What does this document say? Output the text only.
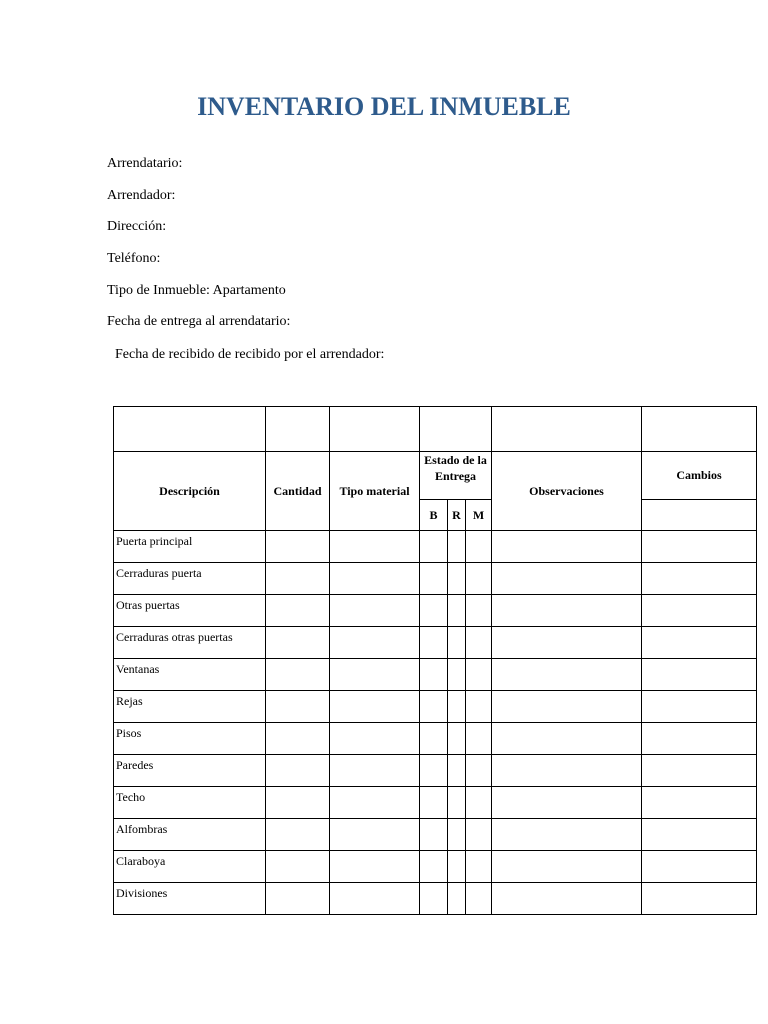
INVENTARIO DEL INMUEBLE
Arrendatario:
Arrendador:
Dirección:
Teléfono:
Tipo de Inmueble: Apartamento
Fecha de entrega al arrendatario:
Fecha de recibido de recibido por el arrendador:

Descripción	Cantidad	Tipo material	Estado de la Entrega			Observaciones	Cambios
			B	R	M		
Puerta principal							
Cerraduras puerta							
Otras puertas							
Cerraduras otras puertas							
Ventanas							
Rejas							
Pisos							
Paredes							
Techo							
Alfombras							
Claraboya							
Divisiones							
